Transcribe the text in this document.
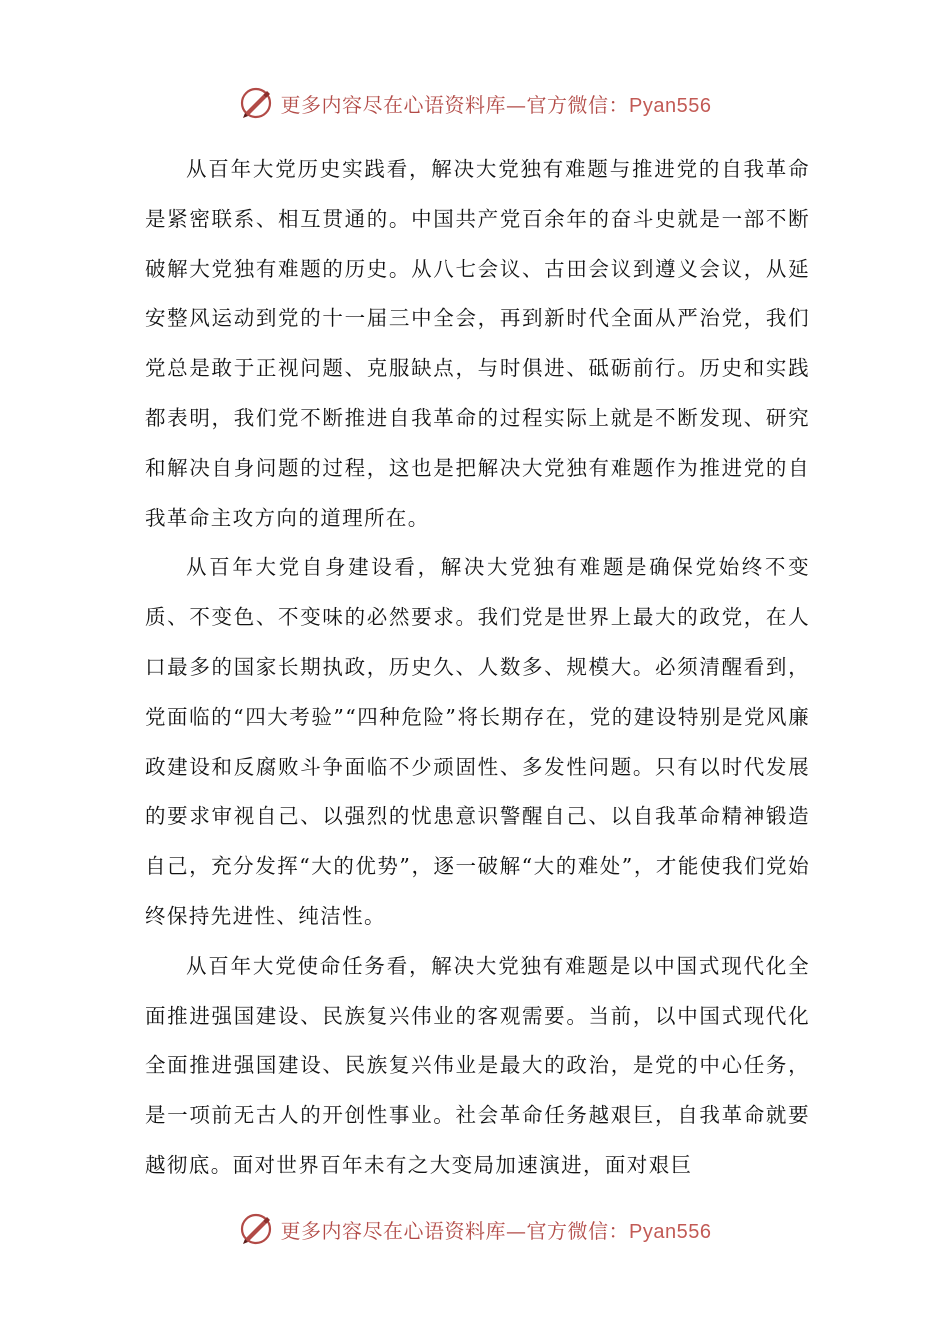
更多内容尽在心语资料库—官方微信：Pyan556

从百年大党历史实践看，解决大党独有难题与推进党的自我革命是紧密联系、相互贯通的。中国共产党百余年的奋斗史就是一部不断破解大党独有难题的历史。从八七会议、古田会议到遵义会议，从延安整风运动到党的十一届三中全会，再到新时代全面从严治党，我们党总是敢于正视问题、克服缺点，与时俱进、砥砺前行。历史和实践都表明，我们党不断推进自我革命的过程实际上就是不断发现、研究和解决自身问题的过程，这也是把解决大党独有难题作为推进党的自我革命主攻方向的道理所在。

从百年大党自身建设看，解决大党独有难题是确保党始终不变质、不变色、不变味的必然要求。我们党是世界上最大的政党，在人口最多的国家长期执政，历史久、人数多、规模大。必须清醒看到，党面临的“四大考验”“四种危险”将长期存在，党的建设特别是党风廉政建设和反腐败斗争面临不少顽固性、多发性问题。只有以时代发展的要求审视自己、以强烈的忧患意识警醒自己、以自我革命精神锻造自己，充分发挥“大的优势”，逐一破解“大的难处”，才能使我们党始终保持先进性、纯洁性。

从百年大党使命任务看，解决大党独有难题是以中国式现代化全面推进强国建设、民族复兴伟业的客观需要。当前，以中国式现代化全面推进强国建设、民族复兴伟业是最大的政治，是党的中心任务，是一项前无古人的开创性事业。社会革命任务越艰巨，自我革命就要越彻底。面对世界百年未有之大变局加速演进，面对艰巨

更多内容尽在心语资料库—官方微信：Pyan556
